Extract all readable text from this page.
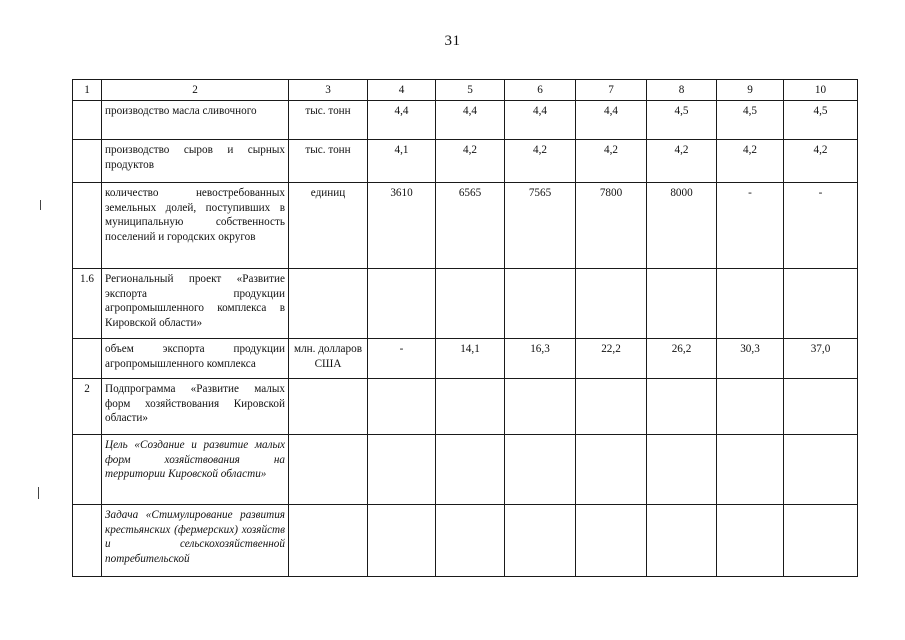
31
1	2	3	4	5	6	7	8	9	10
	производство масла сливочного	тыс. тонн	4,4	4,4	4,4	4,4	4,5	4,5	4,5
	производство сыров и сырных продуктов	тыс. тонн	4,1	4,2	4,2	4,2	4,2	4,2	4,2
	количество невостребованных земельных долей, поступивших в муниципальную собственность поселений и городских округов	единиц	3610	6565	7565	7800	8000	-	-
1.6	Региональный проект «Развитие экспорта продукции агропромышленного комплекса в Кировской области»								
	объем экспорта продукции агропромышленного комплекса	млн. долларов США	-	14,1	16,3	22,2	26,2	30,3	37,0
2	Подпрограмма «Развитие малых форм хозяйствования Кировской области»								
	Цель «Создание и развитие малых форм хозяйствования на территории Кировской области»								
	Задача «Стимулирование развития крестьянских (фермерских) хозяйств и сельскохозяйственной потребительской								
